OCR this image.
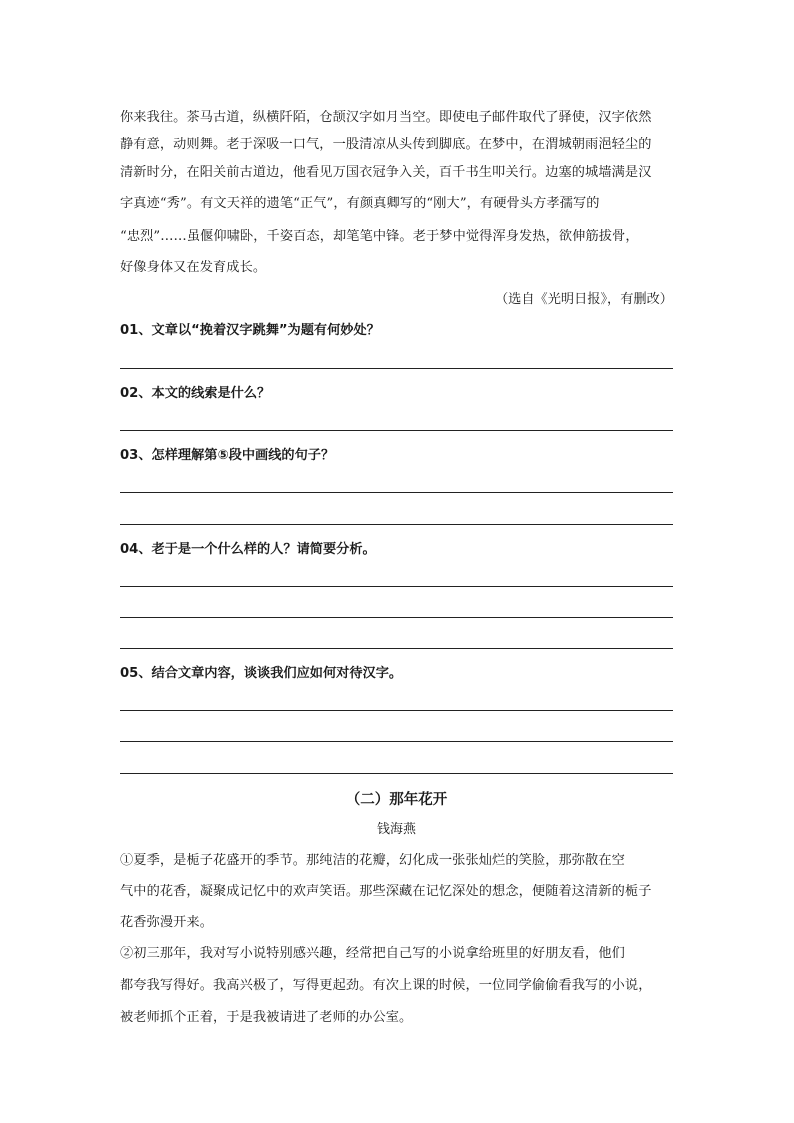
你来我往。茶马古道，纵横阡陌，仓颉汉字如月当空。即使电子邮件取代了驿使，汉字依然
静有意，动则舞。老于深吸一口气，一股清凉从头传到脚底。在梦中，在渭城朝雨浥轻尘的
清新时分，在阳关前古道边，他看见万国衣冠争入关，百千书生叩关行。边塞的城墙满是汉
字真迹“秀”。有文天祥的遗笔“正气”，有颜真卿写的“刚大”，有硬骨头方孝孺写的
“忠烈”……虽偃仰啸卧，千姿百态，却笔笔中锋。老于梦中觉得浑身发热，欲伸筋拔骨，
好像身体又在发育成长。
（选自《光明日报》，有删改）
01、文章以“挽着汉字跳舞”为题有何妙处？
02、本文的线索是什么？
03、怎样理解第⑤段中画线的句子？
04、老于是一个什么样的人？请简要分析。
05、结合文章内容，谈谈我们应如何对待汉字。
（二）那年花开
钱海燕
①夏季，是栀子花盛开的季节。那纯洁的花瓣，幻化成一张张灿烂的笑脸，那弥散在空
气中的花香，凝聚成记忆中的欢声笑语。那些深藏在记忆深处的想念，便随着这清新的栀子
花香弥漫开来。
②初三那年，我对写小说特别感兴趣，经常把自己写的小说拿给班里的好朋友看，他们
都夸我写得好。我高兴极了，写得更起劲。有次上课的时候，一位同学偷偷看我写的小说，
被老师抓个正着，于是我被请进了老师的办公室。
